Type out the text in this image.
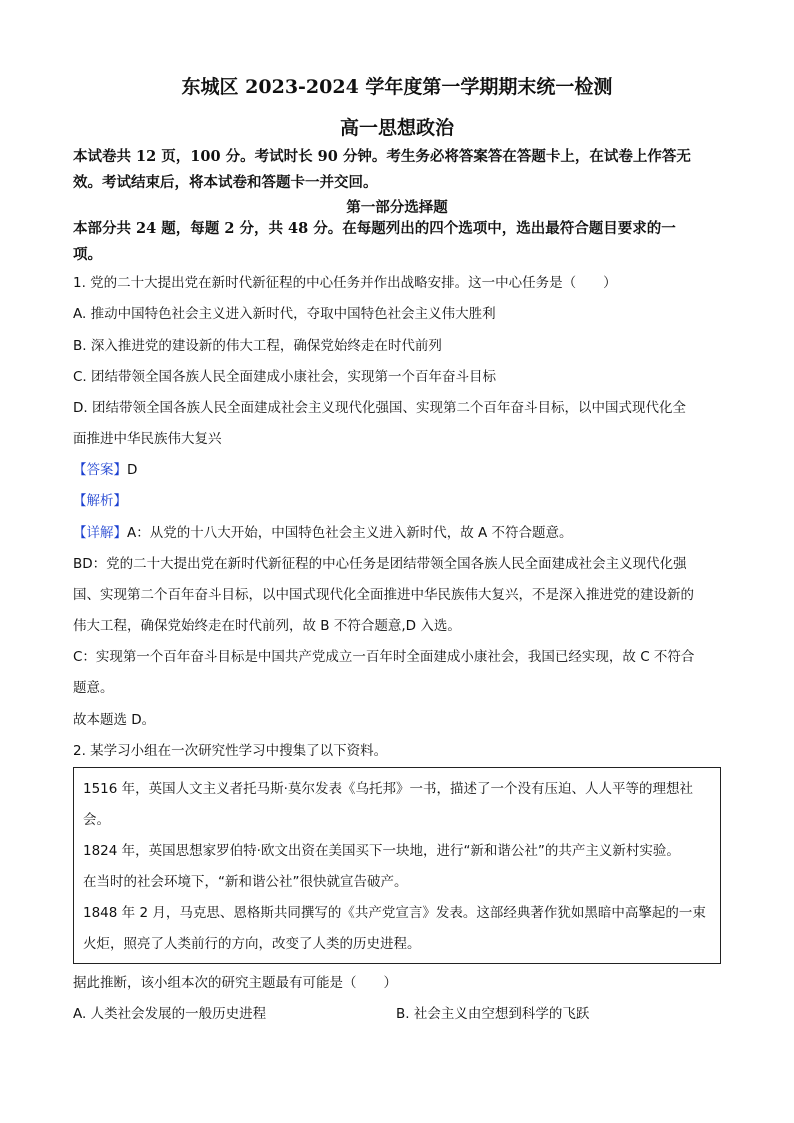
东城区 2023-2024 学年度第一学期期末统一检测
高一思想政治
本试卷共 12 页，100 分。考试时长 90 分钟。考生务必将答案答在答题卡上，在试卷上作答无
效。考试结束后，将本试卷和答题卡一并交回。
第一部分选择题
本部分共 24 题，每题 2 分，共 48 分。在每题列出的四个选项中，选出最符合题目要求的一
项。
1. 党的二十大提出党在新时代新征程的中心任务并作出战略安排。这一中心任务是（　　）
A. 推动中国特色社会主义进入新时代，夺取中国特色社会主义伟大胜利
B. 深入推进党的建设新的伟大工程，确保党始终走在时代前列
C. 团结带领全国各族人民全面建成小康社会，实现第一个百年奋斗目标
D. 团结带领全国各族人民全面建成社会主义现代化强国、实现第二个百年奋斗目标，以中国式现代化全
面推进中华民族伟大复兴
【答案】D
【解析】
【详解】A：从党的十八大开始，中国特色社会主义进入新时代，故 A 不符合题意。
BD：党的二十大提出党在新时代新征程的中心任务是团结带领全国各族人民全面建成社会主义现代化强
国、实现第二个百年奋斗目标，以中国式现代化全面推进中华民族伟大复兴，不是深入推进党的建设新的
伟大工程，确保党始终走在时代前列，故 B 不符合题意,D 入选。
C：实现第一个百年奋斗目标是中国共产党成立一百年时全面建成小康社会，我国已经实现，故 C 不符合
题意。
故本题选 D。
2. 某学习小组在一次研究性学习中搜集了以下资料。
1516 年，英国人文主义者托马斯·莫尔发表《乌托邦》一书，描述了一个没有压迫、人人平等的理想社
会。
1824 年，英国思想家罗伯特·欧文出资在美国买下一块地，进行“新和谐公社”的共产主义新村实验。
在当时的社会环境下，“新和谐公社”很快就宣告破产。
1848 年 2 月，马克思、恩格斯共同撰写的《共产党宣言》发表。这部经典著作犹如黑暗中高擎起的一束
火炬，照亮了人类前行的方向，改变了人类的历史进程。
据此推断，该小组本次的研究主题最有可能是（　　）
A. 人类社会发展的一般历史进程	B. 社会主义由空想到科学的飞跃
